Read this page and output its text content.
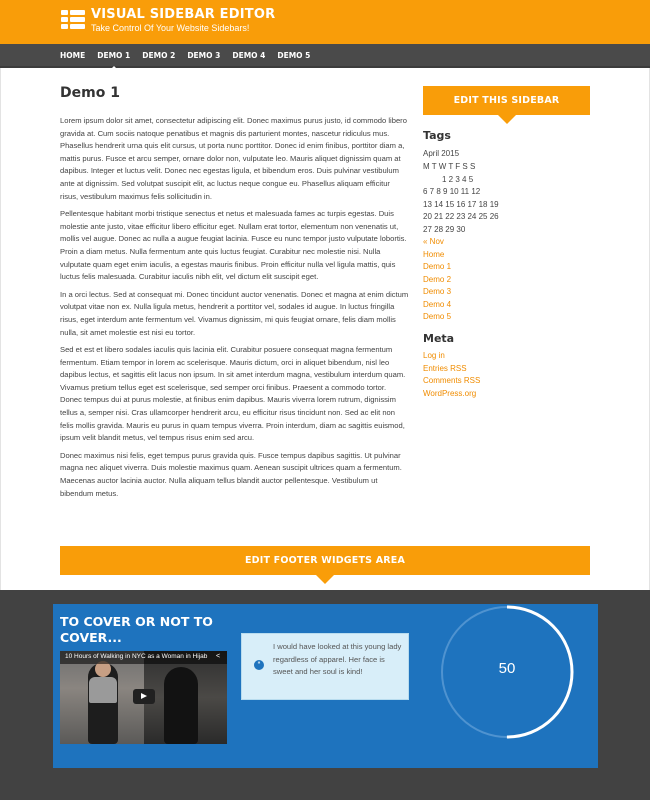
VISUAL SIDEBAR EDITOR
Take Control Of Your Website Sidebars!
HOME DEMO 1 DEMO 2 DEMO 3 DEMO 4 DEMO 5
Demo 1

Lorem ipsum dolor sit amet, consectetur adipiscing elit. Donec maximus purus justo, id commodo libero gravida at. Cum sociis natoque penatibus et magnis dis parturient montes, nascetur ridiculus mus. Phasellus hendrerit urna quis elit cursus, ut porta nunc porttitor. Donec id enim finibus, porttitor diam a, mattis purus. Fusce et arcu semper, ornare dolor non, vulputate leo. Mauris aliquet dignissim quam at dapibus. Integer et luctus velit. Donec nec egestas ligula, et bibendum eros. Duis pulvinar vestibulum ante at dignissim. Sed volutpat suscipit elit, ac luctus neque congue eu. Phasellus aliquam efficitur risus, vestibulum maximus felis sollicitudin in.

Pellentesque habitant morbi tristique senectus et netus et malesuada fames ac turpis egestas. Duis molestie ante justo, vitae efficitur libero efficitur eget. Nullam erat tortor, elementum non venenatis ut, mollis vel augue. Donec ac nulla a augue feugiat lacinia. Fusce eu nunc tempor justo vulputate lobortis. Proin a diam metus. Nulla fermentum ante quis luctus feugiat. Curabitur nec molestie nisi. Nulla vulputate quam eget enim iaculis, a egestas mauris finibus. Proin efficitur nulla vel ligula mattis, quis luctus felis malesuada. Curabitur iaculis nibh elit, vel dictum elit suscipit eget.

In a orci lectus. Sed at consequat mi. Donec tincidunt auctor venenatis. Donec et magna at enim dictum volutpat vitae non ex. Nulla ligula metus, hendrerit a porttitor vel, sodales id augue. In luctus fringilla risus, eget interdum ante fermentum vel. Vivamus dignissim, mi quis feugiat ornare, felis diam mollis nulla, sit amet molestie est nisi eu tortor.

Sed et est et libero sodales iaculis quis lacinia elit. Curabitur posuere consequat magna fermentum fermentum. Etiam tempor in lorem ac scelerisque. Mauris dictum, orci in aliquet bibendum, nisl leo dapibus lectus, et sagittis elit lacus non ipsum. In sit amet interdum magna, vestibulum interdum quam. Vivamus pretium tellus eget est scelerisque, sed semper orci finibus. Praesent a commodo tortor. Donec tempus dui at purus molestie, at finibus enim dapibus. Mauris viverra lorem rutrum, dignissim tellus a, semper nisi. Cras ullamcorper hendrerit arcu, eu efficitur risus tincidunt non. Sed ac elit non felis mollis gravida. Mauris eu purus in quam tempus viverra. Proin interdum, diam ac sagittis euismod, ipsum velit blandit metus, vel tempus risus enim sed arcu.

Donec maximus nisi felis, eget tempus purus gravida quis. Fusce tempus dapibus sagittis. Ut pulvinar magna nec aliquet viverra. Duis molestie maximus quam. Aenean suscipit ultrices quam a fermentum. Maecenas auctor lacinia auctor. Nulla aliquam tellus blandit auctor pellentesque. Vestibulum ut bibendum metus.

EDIT THIS SIDEBAR
Tags
April 2015
M T W T F S S
1 2 3 4 5
6 7 8 9 10 11 12
13 14 15 16 17 18 19
20 21 22 23 24 25 26
27 28 29 30
« Nov
Home
Demo 1
Demo 2
Demo 3
Demo 4
Demo 5
Meta
Log in
Entries RSS
Comments RSS
WordPress.org
EDIT FOOTER WIDGETS AREA
TO COVER OR NOT TO COVER...
10 Hours of Walking in NYC as a Woman in Hijab <
“
I would have looked at this young lady regardless of apparel. Her face is sweet and her soul is kind!	50
